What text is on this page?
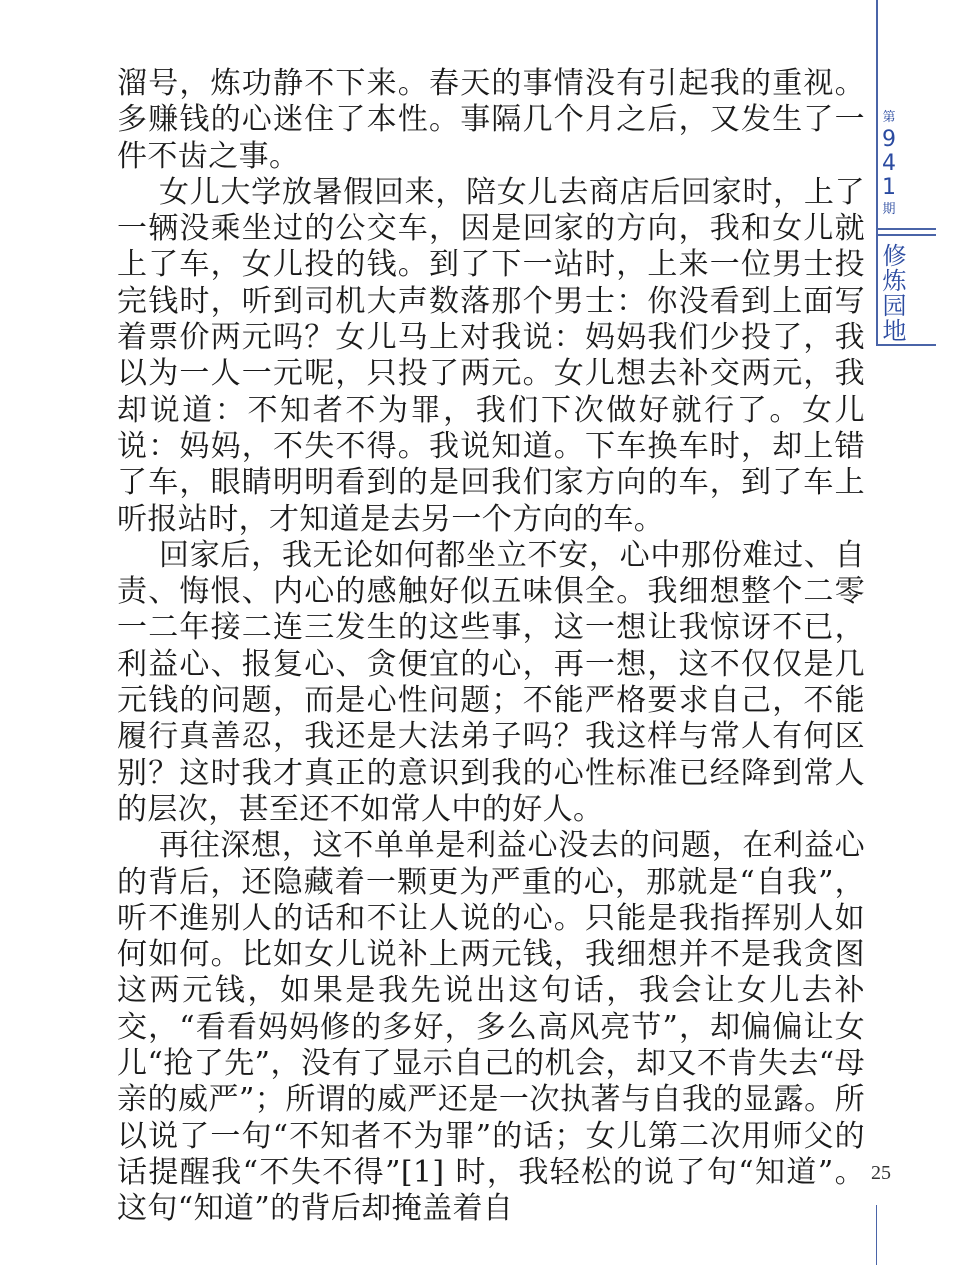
第
9
4
1
期
修炼园地

溜号，炼功静不下来。春天的事情没有引起我的重视。多赚钱的心迷住了本性。事隔几个月之后，又发生了一件不齿之事。

女儿大学放暑假回来，陪女儿去商店后回家时，上了一辆没乘坐过的公交车，因是回家的方向，我和女儿就上了车，女儿投的钱。到了下一站时，上来一位男士投完钱时，听到司机大声数落那个男士：你没看到上面写着票价两元吗？女儿马上对我说：妈妈我们少投了，我以为一人一元呢，只投了两元。女儿想去补交两元，我却说道：不知者不为罪，我们下次做好就行了。女儿说：妈妈，不失不得。我说知道。下车换车时，却上错了车，眼睛明明看到的是回我们家方向的车，到了车上听报站时，才知道是去另一个方向的车。

回家后，我无论如何都坐立不安，心中那份难过、自责、悔恨、内心的感触好似五味俱全。我细想整个二零一二年接二连三发生的这些事，这一想让我惊讶不已，利益心、报复心、贪便宜的心，再一想，这不仅仅是几元钱的问题，而是心性问题；不能严格要求自己，不能履行真善忍，我还是大法弟子吗？我这样与常人有何区别？这时我才真正的意识到我的心性标准已经降到常人的层次，甚至还不如常人中的好人。

再往深想，这不单单是利益心没去的问题，在利益心的背后，还隐藏着一颗更为严重的心，那就是“自我”，听不進别人的话和不让人说的心。只能是我指挥别人如何如何。比如女儿说补上两元钱，我细想并不是我贪图这两元钱，如果是我先说出这句话，我会让女儿去补交，“看看妈妈修的多好，多么高风亮节”，却偏偏让女儿“抢了先”，没有了显示自己的机会，却又不肯失去“母亲的威严”；所谓的威严还是一次执著与自我的显露。所以说了一句“不知者不为罪”的话；女儿第二次用师父的话提醒我“不失不得”[1] 时，我轻松的说了句“知道”。这句“知道”的背后却掩盖着自

25
